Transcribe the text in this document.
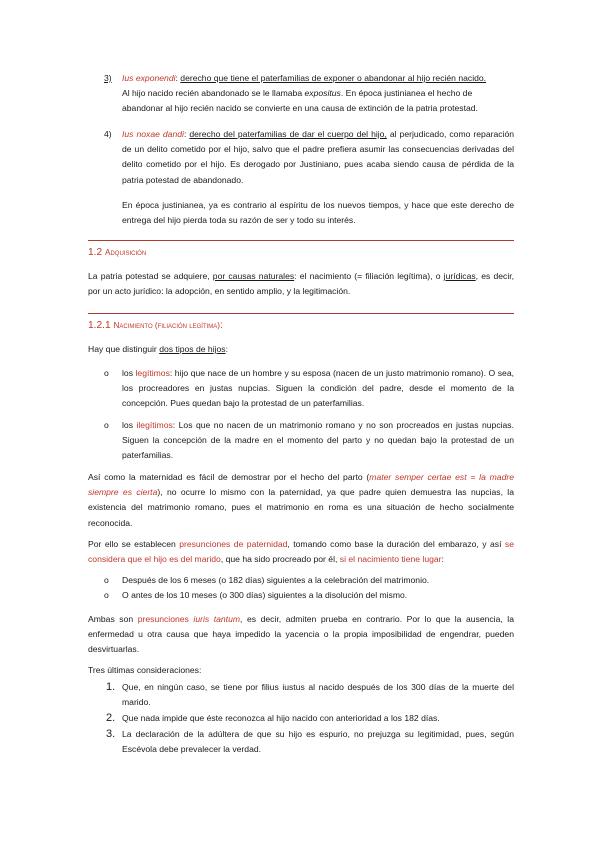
3)	Ius exponendi: derecho que tiene el paterfamilias de exponer o abandonar al hijo recién nacido.
Al hijo nacido recién abandonado se le llamaba expositus. En época justinianea el hecho de
abandonar al hijo recién nacido se convierte en una causa de extinción de la patria protestad.
4)	Ius noxae dandi: derecho del paterfamilias de dar el cuerpo del hijo, al perjudicado, como reparación de un delito cometido por el hijo, salvo que el padre prefiera asumir las consecuencias derivadas del delito cometido por el hijo. Es derogado por Justiniano, pues acaba siendo causa de pérdida de la patria potestad de abandonado.
En época justinianea, ya es contrario al espíritu de los nuevos tiempos, y hace que este derecho de entrega del hijo pierda toda su razón de ser y todo su interés.
1.2 Adquisición
La patria potestad se adquiere, por causas naturales: el nacimiento (= filiación legítima), o jurídicas, es decir, por un acto jurídico: la adopción, en sentido amplio, y la legitimación.
1.2.1 Nacimiento (filiación legítima):
Hay que distinguir dos tipos de hijos:
o	los legítimos: hijo que nace de un hombre y su esposa (nacen de un justo matrimonio romano). O sea, los procreadores en justas nupcias. Siguen la condición del padre, desde el momento de la concepción. Pues quedan bajo la protestad de un paterfamilias.
o	los ilegítimos: Los que no nacen de un matrimonio romano y no son procreados en justas nupcias. Siguen la concepción de la madre en el momento del parto y no quedan bajo la protestad de un paterfamilias.
Así como la maternidad es fácil de demostrar por el hecho del parto (mater semper certae est = la madre siempre es cierta), no ocurre lo mismo con la paternidad, ya que padre quien demuestra las nupcias, la existencia del matrimonio romano, pues el matrimonio en roma es una situación de hecho socialmente reconocida.
Por ello se establecen presunciones de paternidad, tomando como base la duración del embarazo, y así se considera que el hijo es del marido, que ha sido procreado por él, si el nacimiento tiene lugar:
o	Después de los 6 meses (o 182 días) siguientes a la celebración del matrimonio.
o	O antes de los 10 meses (o 300 días) siguientes a la disolución del mismo.
Ambas son presunciones iuris tantum, es decir, admiten prueba en contrario. Por lo que la ausencia, la enfermedad u otra causa que haya impedido la yacencia o la propia imposibilidad de engendrar, pueden desvirtuarlas.
Tres últimas consideraciones:
1. Que, en ningún caso, se tiene por filius iustus al nacido después de los 300 días de la muerte del marido.
2. Que nada impide que éste reconozca al hijo nacido con anterioridad a los 182 días.
3. La declaración de la adúltera de que su hijo es espurio, no prejuzga su legitimidad, pues, según Escévola debe prevalecer la verdad.
